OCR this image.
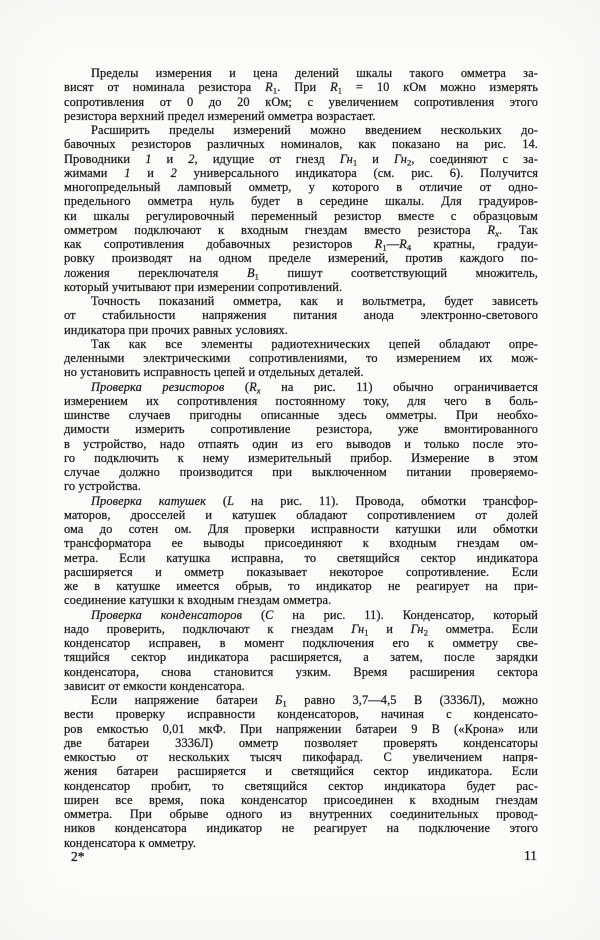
Пределы измерения и цена делений шкалы такого омметра за-
висят от номинала резистора $R_1$. При $R_1 = 10$ кОм можно измерять
сопротивления от 0 до 20 кОм; с увеличением сопротивления этого
резистора верхний предел измерений омметра возрастает.
Расширить пределы измерений можно введением нескольких до-
бавочных резисторов различных номиналов, как показано на рис. 14.
Проводники 1 и 2, идущие от гнезд $Гн_1$ и $Гн_2$, соединяют с за-
жимами 1 и 2 универсального индикатора (см. рис. 6). Получится
многопредельный ламповый омметр, у которого в отличие от одно-
предельного омметра нуль будет в середине шкалы. Для градуиров-
ки шкалы регулировочный переменный резистор вместе с образцовым
омметром подключают к входным гнездам вместо резистора $R_x$. Так
как сопротивления добавочных резисторов $R_1—R_4$ кратны, градуи-
ровку производят на одном пределе измерений, против каждого по-
ложения переключателя $В_1$ пишут соответствующий множитель,
который учитывают при измерении сопротивлений.
Точность показаний омметра, как и вольтметра, будет зависеть
от стабильности напряжения питания анода электронно-светового
индикатора при прочих равных условиях.
Так как все элементы радиотехнических цепей обладают опре-
деленными электрическими сопротивлениями, то измерением их мож-
но установить исправность цепей и отдельных деталей.
Проверка резисторов ($R_x$ на рис. 11) обычно ограничивается
измерением их сопротивления постоянному току, для чего в боль-
шинстве случаев пригодны описанные здесь омметры. При необхо-
димости измерить сопротивление резистора, уже вмонтированного
в устройство, надо отпаять один из его выводов и только после это-
го подключить к нему измерительный прибор. Измерение в этом
случае должно производится при выключенном питании проверяемо-
го устройства.
Проверка катушек (L на рис. 11). Провода, обмотки трансфор-
маторов, дросселей и катушек обладают сопротивлением от долей
ома до сотен ом. Для проверки исправности катушки или обмотки
трансформатора ее выводы присоединяют к входным гнездам ом-
метра. Если катушка исправна, то светящийся сектор индикатора
расширяется и омметр показывает некоторое сопротивление. Если
же в катушке имеется обрыв, то индикатор не реагирует на при-
соединение катушки к входным гнездам омметра.
Проверка конденсаторов (С на рис. 11). Конденсатор, который
надо проверить, подключают к гнездам $Гн_1$ и $Гн_2$ омметра. Если
конденсатор исправен, в момент подключения его к омметру све-
тящийся сектор индикатора расширяется, а затем, после зарядки
конденсатора, снова становится узким. Время расширения сектора
зависит от емкости конденсатора.
Если напряжение батареи $Б_1$ равно 3,7—4,5 В (3336Л), можно
вести проверку исправности конденсаторов, начиная с конденсато-
ров емкостью 0,01 мкФ. При напряжении батареи 9 В («Крона» или
две батареи 3336Л) омметр позволяет проверять конденсаторы
емкостью от нескольких тысяч пикофарад. С увеличением напря-
жения батареи расширяется и светящийся сектор индикатора. Если
конденсатор пробит, то светящийся сектор индикатора будет рас-
ширен все время, пока конденсатор присоединен к входным гнездам
омметра. При обрыве одного из внутренних соединительных провод-
ников конденсатора индикатор не реагирует на подключение этого
конденсатора к омметру.
2*	11
